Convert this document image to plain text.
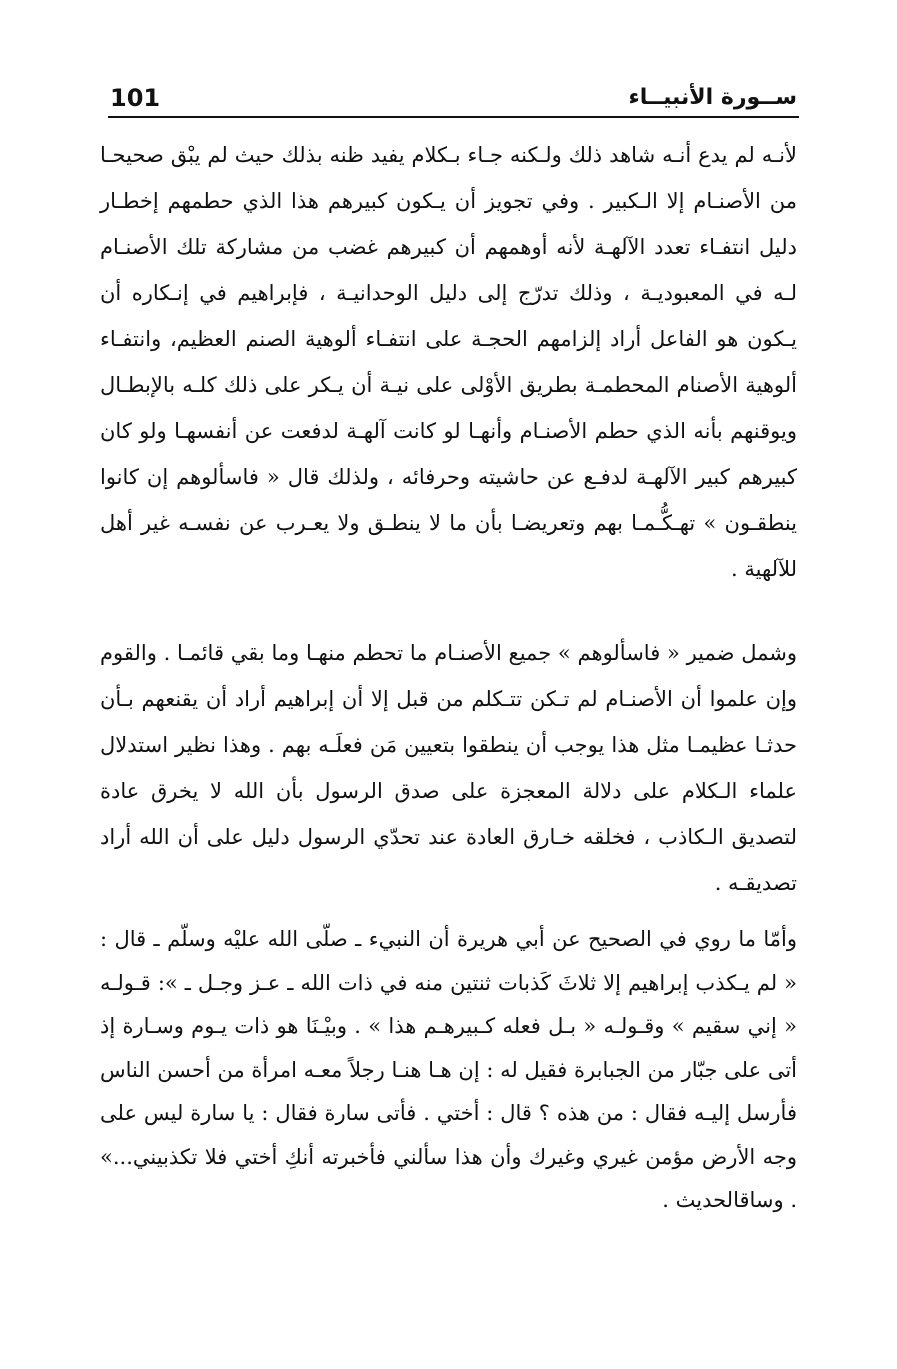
101	ســورة الأنبيــاء

لأنـه لم يدع أنـه شاهد ذلك ولـكنه جـاء بـكلام يفيد ظنه بذلك حيث لم يبْق صحيحـا من الأصنـام إلا الـكبير . وفي تجويز أن يـكون كبيرهم هذا الذي حطمهم إخطـار دليل انتفـاء تعدد الآلهـة لأنه أوهمهم أن كبيرهم غضب من مشاركة تلك الأصنـام لـه في المعبوديـة ، وذلك تدرّج إلى دليل الوحدانيـة ، فإبراهيم في إنـكاره أن يـكون هو الفاعل أراد إلزامهم الحجـة على انتفـاء ألوهية الصنم العظيم، وانتفـاء ألوهية الأصنام المحطمـة بطريق الأوْلى على نيـة أن يـكر على ذلك كلـه بالإبطـال ويوقنهم بأنه الذي حطم الأصنـام وأنهـا لو كانت آلهـة لدفعت عن أنفسهـا ولو كان كبيرهم كبير الآلهـة لدفـع عن حاشيته وحرفائه ، ولذلك قال « فاسألوهم إن كانوا ينطقـون » تهـكُّـمـا بهم وتعريضـا بأن ما لا ينطـق ولا يعـرب عن نفسـه غير أهل للآلهية .

وشمل ضمير « فاسألوهم » جميع الأصنـام ما تحطم منهـا وما بقي قائمـا . والقوم وإن علموا أن الأصنـام لم تـكن تتـكلم من قبل إلا أن إبراهيم أراد أن يقنعهم بـأن حدثـا عظيمـا مثل هذا يوجب أن ينطقوا بتعيين مَن فعلَـه بهم . وهذا نظير استدلال علماء الـكلام على دلالة المعجزة على صدق الرسول بأن الله لا يخرق عادة لتصديق الـكاذب ، فخلقه خـارق العادة عند تحدّي الرسول دليل على أن الله أراد تصديقـه .

وأمّا ما روي في الصحيح عن أبي هريرة أن النبيء ـ صلّى الله عليْه وسلّم ـ قال : « لم يـكذب إبراهيم إلا ثلاثَ كَذبات ثنتين منه في ذات الله ـ عـز وجـل ـ »: قـولـه « إني سقيم » وقـولـه « بـل فعله كـبيرهـم هذا » . وبيْـنَا هو ذات يـوم وسـارة إذ أتى على جبّار من الجبابرة فقيل له : إن هـا هنـا رجلاً معـه امرأة من أحسن الناس فأرسل إليـه فقال : من هذه ؟ قال : أختي . فأتى سارة فقال : يا سارة ليس على وجه الأرض مؤمن غيري وغيرك وأن هذا سألني فأخبرته أنكِ أختي فلا تكذبيني...» . وساقالحديث .
